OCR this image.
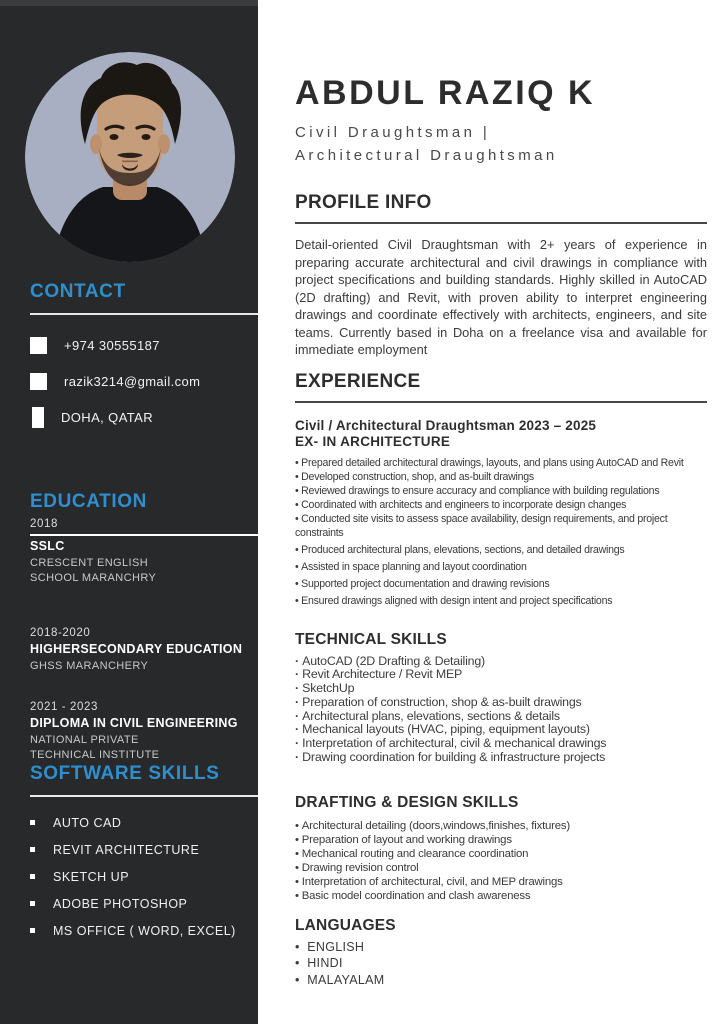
CONTACT
+974 30555187
razik3214@gmail.com
DOHA, QATAR
EDUCATION
2018
SSLC
CRESCENT ENGLISH SCHOOL MARANCHRY
2018-2020
HIGHERSECONDARY EDUCATION
GHSS MARANCHERY
2021 - 2023
DIPLOMA IN CIVIL ENGINEERING
NATIONAL PRIVATE TECHNICAL INSTITUTE
SOFTWARE SKILLS
AUTO CAD
REVIT ARCHITECTURE
SKETCH UP
ADOBE PHOTOSHOP
MS OFFICE ( WORD, EXCEL)
ABDUL RAZIQ K
Civil Draughtsman |
Architectural Draughtsman
PROFILE INFO

Detail-oriented Civil Draughtsman with 2+ years of experience in preparing accurate architectural and civil drawings in compliance with project specifications and building standards. Highly skilled in AutoCAD (2D drafting) and Revit, with proven ability to interpret engineering drawings and coordinate effectively with architects, engineers, and site teams. Currently based in Doha on a freelance visa and available for immediate employment

EXPERIENCE
Civil / Architectural Draughtsman 2023 – 2025
EX- IN ARCHITECTURE
• Prepared detailed architectural drawings, layouts, and plans using AutoCAD and Revit
• Developed construction, shop, and as-built drawings
• Reviewed drawings to ensure accuracy and compliance with building regulations
• Coordinated with architects and engineers to incorporate design changes
• Conducted site visits to assess space availability, design requirements, and project constraints
• Produced architectural plans, elevations, sections, and detailed drawings
• Assisted in space planning and layout coordination
• Supported project documentation and drawing revisions
• Ensured drawings aligned with design intent and project specifications
TECHNICAL SKILLS
· AutoCAD (2D Drafting & Detailing)
· Revit Architecture / Revit MEP
· SketchUp
· Preparation of construction, shop & as-built drawings
· Architectural plans, elevations, sections & details
· Mechanical layouts (HVAC, piping, equipment layouts)
· Interpretation of architectural, civil & mechanical drawings
· Drawing coordination for building & infrastructure projects
DRAFTING & DESIGN SKILLS
• Architectural detailing (doors,windows,finishes, fixtures)
• Preparation of layout and working drawings
• Mechanical routing and clearance coordination
• Drawing revision control
• Interpretation of architectural, civil, and MEP drawings
• Basic model coordination and clash awareness
LANGUAGES
•  ENGLISH
•  HINDI
•  MALAYALAM
